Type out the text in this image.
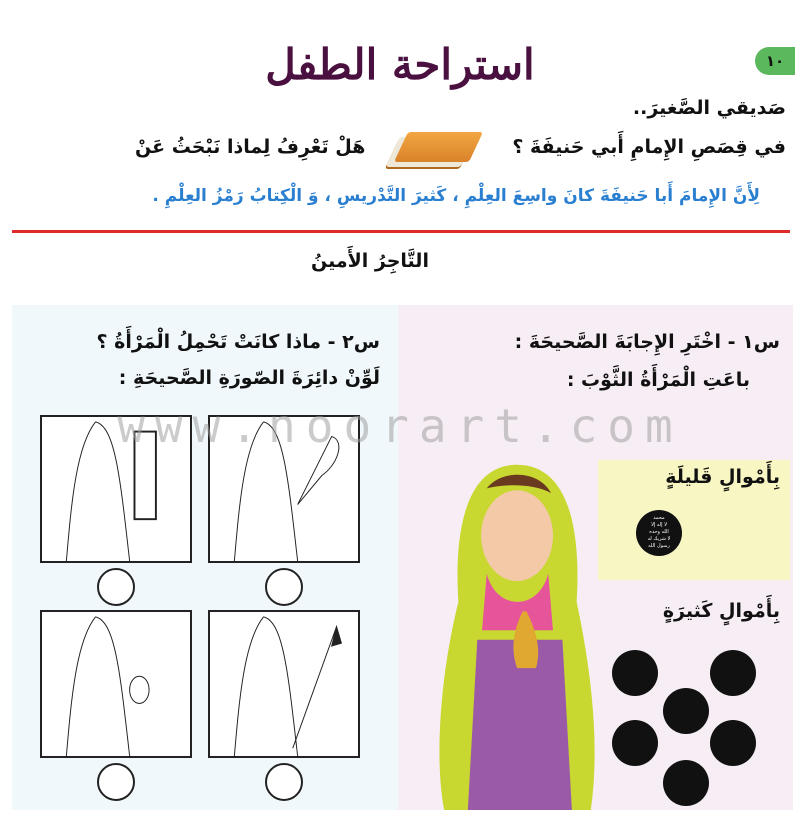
١٠
استراحة الطفل
صَديقي الصَّغيرَ..
في قِصَصِ الإِمامِ أَبي حَنيفَةَ ؟
هَلْ تَعْرِفُ لِماذا نَبْحَثُ عَنْ
لِأَنَّ الإِمامَ أَبا حَنيفَةَ كانَ واسِعَ العِلْمِ ، كَثيرَ التَّدْريسِ ، وَ الْكِتابُ رَمْزُ العِلْمِ .
التَّاجِرُ الأَمينُ
س١ - اخْتَرِ الإِجابَةَ الصَّحيحَةَ :
باعَتِ الْمَرْأَةُ الثَّوْبَ :
س٢ - ماذا كانَتْ تَحْمِلُ الْمَرْأَةُ ؟
لَوِّنْ دائِرَةَ الصّورَةِ الصَّحيحَةِ :
بِأَمْوالٍ قَليلَةٍ
محمد
لا إله إلا
الله وحده
لا شريك له
رسول الله
بِأَمْوالٍ كَثيرَةٍ
www.noorart.com
